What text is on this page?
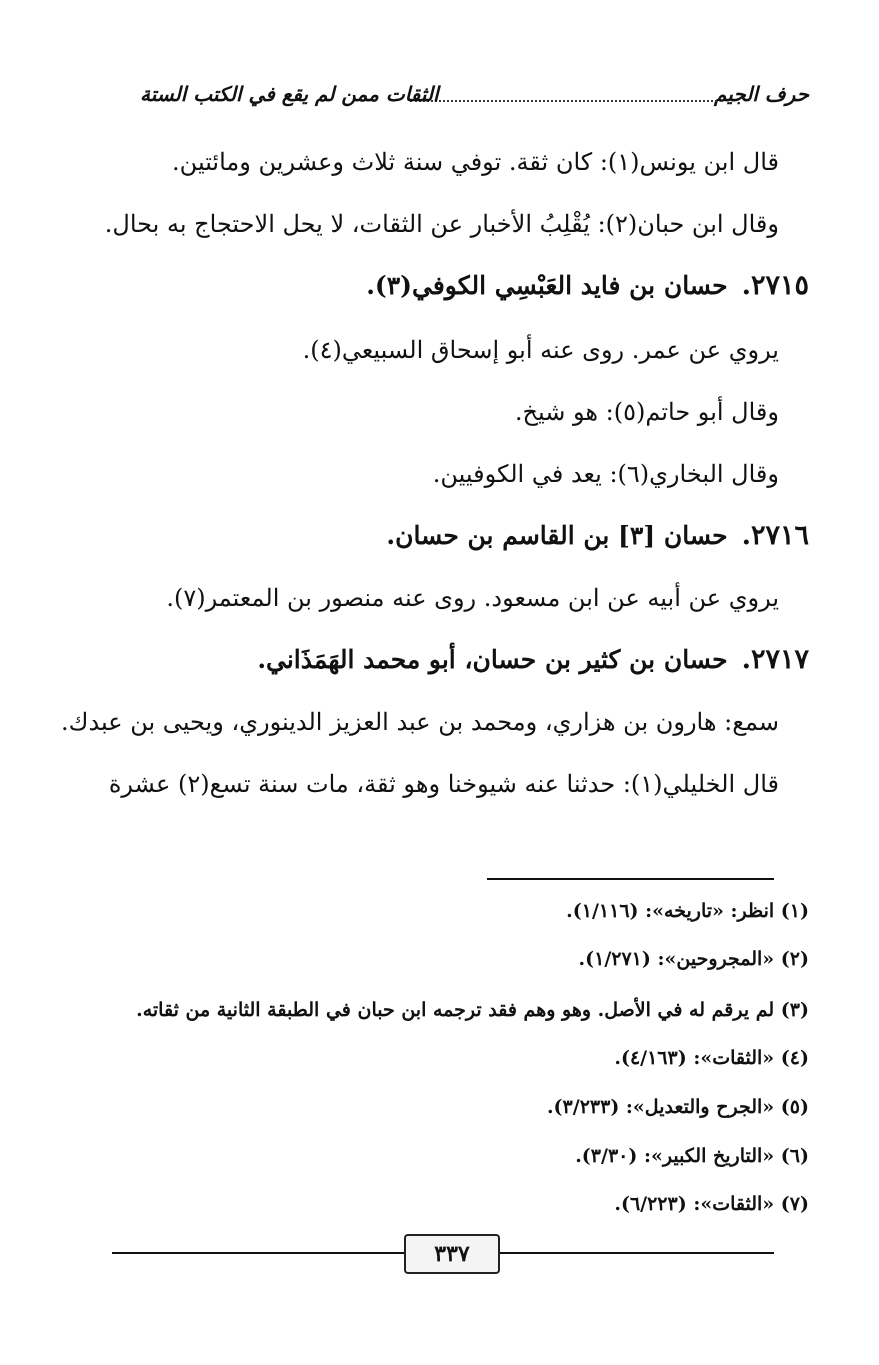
حرف الجيم
الثقات ممن لم يقع في الكتب الستة
قال ابن يونس(١): كان ثقة. توفي سنة ثلاث وعشرين ومائتين.
وقال ابن حبان(٢): يُقْلِبُ الأخبار عن الثقات، لا يحل الاحتجاج به بحال.
٢٧١٥.حسان بن فايد العَبْسِي الكوفي(٣).
يروي عن عمر. روى عنه أبو إسحاق السبيعي(٤).
وقال أبو حاتم(٥): هو شيخ.
وقال البخاري(٦): يعد في الكوفيين.
٢٧١٦.حسان [٣] بن القاسم بن حسان.
يروي عن أبيه عن ابن مسعود. روى عنه منصور بن المعتمر(٧).
٢٧١٧.حسان بن كثير بن حسان، أبو محمد الهَمَذَاني.
سمع: هارون بن هزاري، ومحمد بن عبد العزيز الدينوري، ويحيى بن عبدك.
قال الخليلي(١): حدثنا عنه شيوخنا وهو ثقة، مات سنة تسع(٢) عشرة
(١) انظر: «تاريخه»: (١/١١٦).
(٢) «المجروحين»: (١/٢٧١).
(٣) لم يرقم له في الأصل. وهو وهم فقد ترجمه ابن حبان في الطبقة الثانية من ثقاته.
(٤) «الثقات»: (٤/١٦٣).
(٥) «الجرح والتعديل»: (٣/٢٣٣).
(٦) «التاريخ الكبير»: (٣/٣٠).
(٧) «الثقات»: (٦/٢٢٣).
٣٣٧
